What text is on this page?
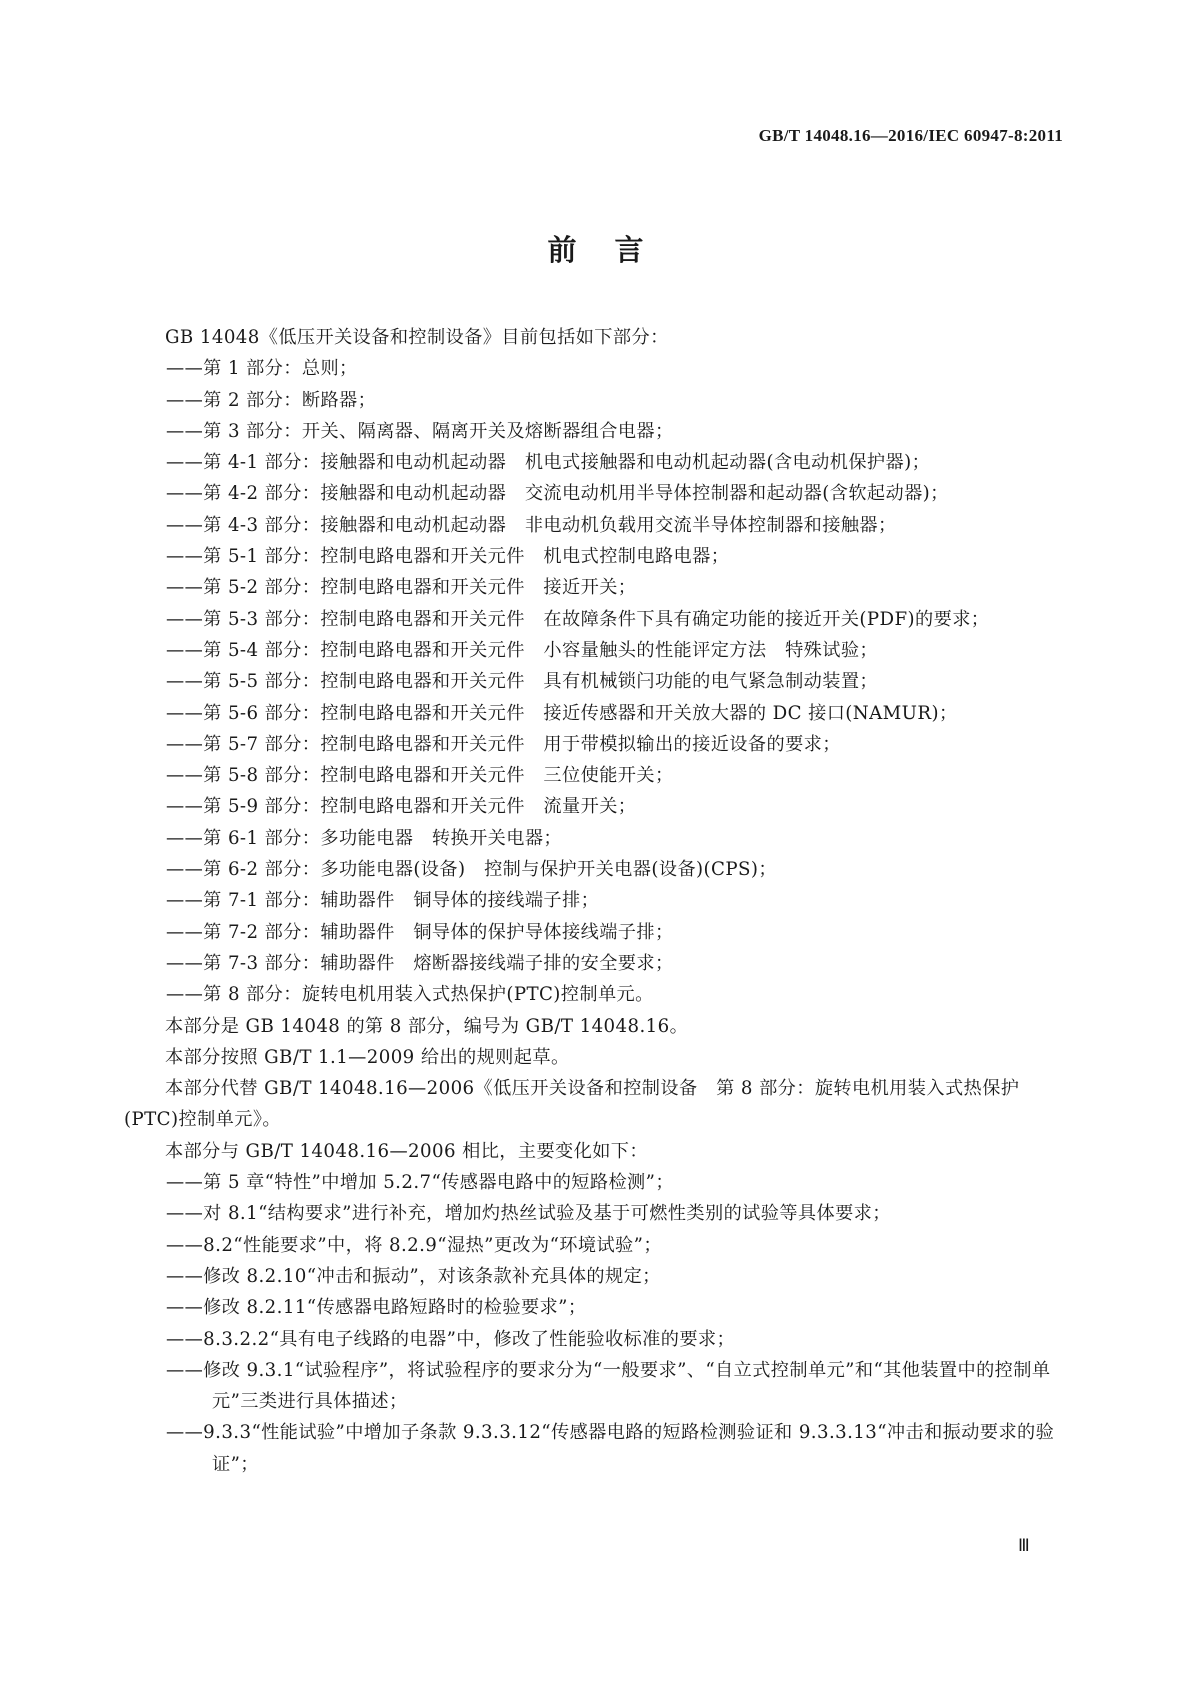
GB/T 14048.16—2016/IEC 60947-8:2011
前言

GB 14048《低压开关设备和控制设备》目前包括如下部分：

——第 1 部分：总则；

——第 2 部分：断路器；

——第 3 部分：开关、隔离器、隔离开关及熔断器组合电器；

——第 4-1 部分：接触器和电动机起动器　机电式接触器和电动机起动器(含电动机保护器)；

——第 4-2 部分：接触器和电动机起动器　交流电动机用半导体控制器和起动器(含软起动器)；

——第 4-3 部分：接触器和电动机起动器　非电动机负载用交流半导体控制器和接触器；

——第 5-1 部分：控制电路电器和开关元件　机电式控制电路电器；

——第 5-2 部分：控制电路电器和开关元件　接近开关；

——第 5-3 部分：控制电路电器和开关元件　在故障条件下具有确定功能的接近开关(PDF)的要求；

——第 5-4 部分：控制电路电器和开关元件　小容量触头的性能评定方法　特殊试验；

——第 5-5 部分：控制电路电器和开关元件　具有机械锁闩功能的电气紧急制动装置；

——第 5-6 部分：控制电路电器和开关元件　接近传感器和开关放大器的 DC 接口(NAMUR)；

——第 5-7 部分：控制电路电器和开关元件　用于带模拟输出的接近设备的要求；

——第 5-8 部分：控制电路电器和开关元件　三位使能开关；

——第 5-9 部分：控制电路电器和开关元件　流量开关；

——第 6-1 部分：多功能电器　转换开关电器；

——第 6-2 部分：多功能电器(设备)　控制与保护开关电器(设备)(CPS)；

——第 7-1 部分：辅助器件　铜导体的接线端子排；

——第 7-2 部分：辅助器件　铜导体的保护导体接线端子排；

——第 7-3 部分：辅助器件　熔断器接线端子排的安全要求；

——第 8 部分：旋转电机用装入式热保护(PTC)控制单元。

本部分是 GB 14048 的第 8 部分，编号为 GB/T 14048.16。

本部分按照 GB/T 1.1—2009 给出的规则起草。

本部分代替 GB/T 14048.16—2006《低压开关设备和控制设备　第 8 部分：旋转电机用装入式热保护(PTC)控制单元》。

本部分与 GB/T 14048.16—2006 相比，主要变化如下：

——第 5 章“特性”中增加 5.2.7“传感器电路中的短路检测”；

——对 8.1“结构要求”进行补充，增加灼热丝试验及基于可燃性类别的试验等具体要求；

——8.2“性能要求”中，将 8.2.9“湿热”更改为“环境试验”；

——修改 8.2.10“冲击和振动”，对该条款补充具体的规定；

——修改 8.2.11“传感器电路短路时的检验要求”；

——8.3.2.2“具有电子线路的电器”中，修改了性能验收标准的要求；

——修改 9.3.1“试验程序”，将试验程序的要求分为“一般要求”、“自立式控制单元”和“其他装置中的控制单元”三类进行具体描述；

——9.3.3“性能试验”中增加子条款 9.3.3.12“传感器电路的短路检测验证和 9.3.3.13“冲击和振动要求的验证”；

Ⅲ
